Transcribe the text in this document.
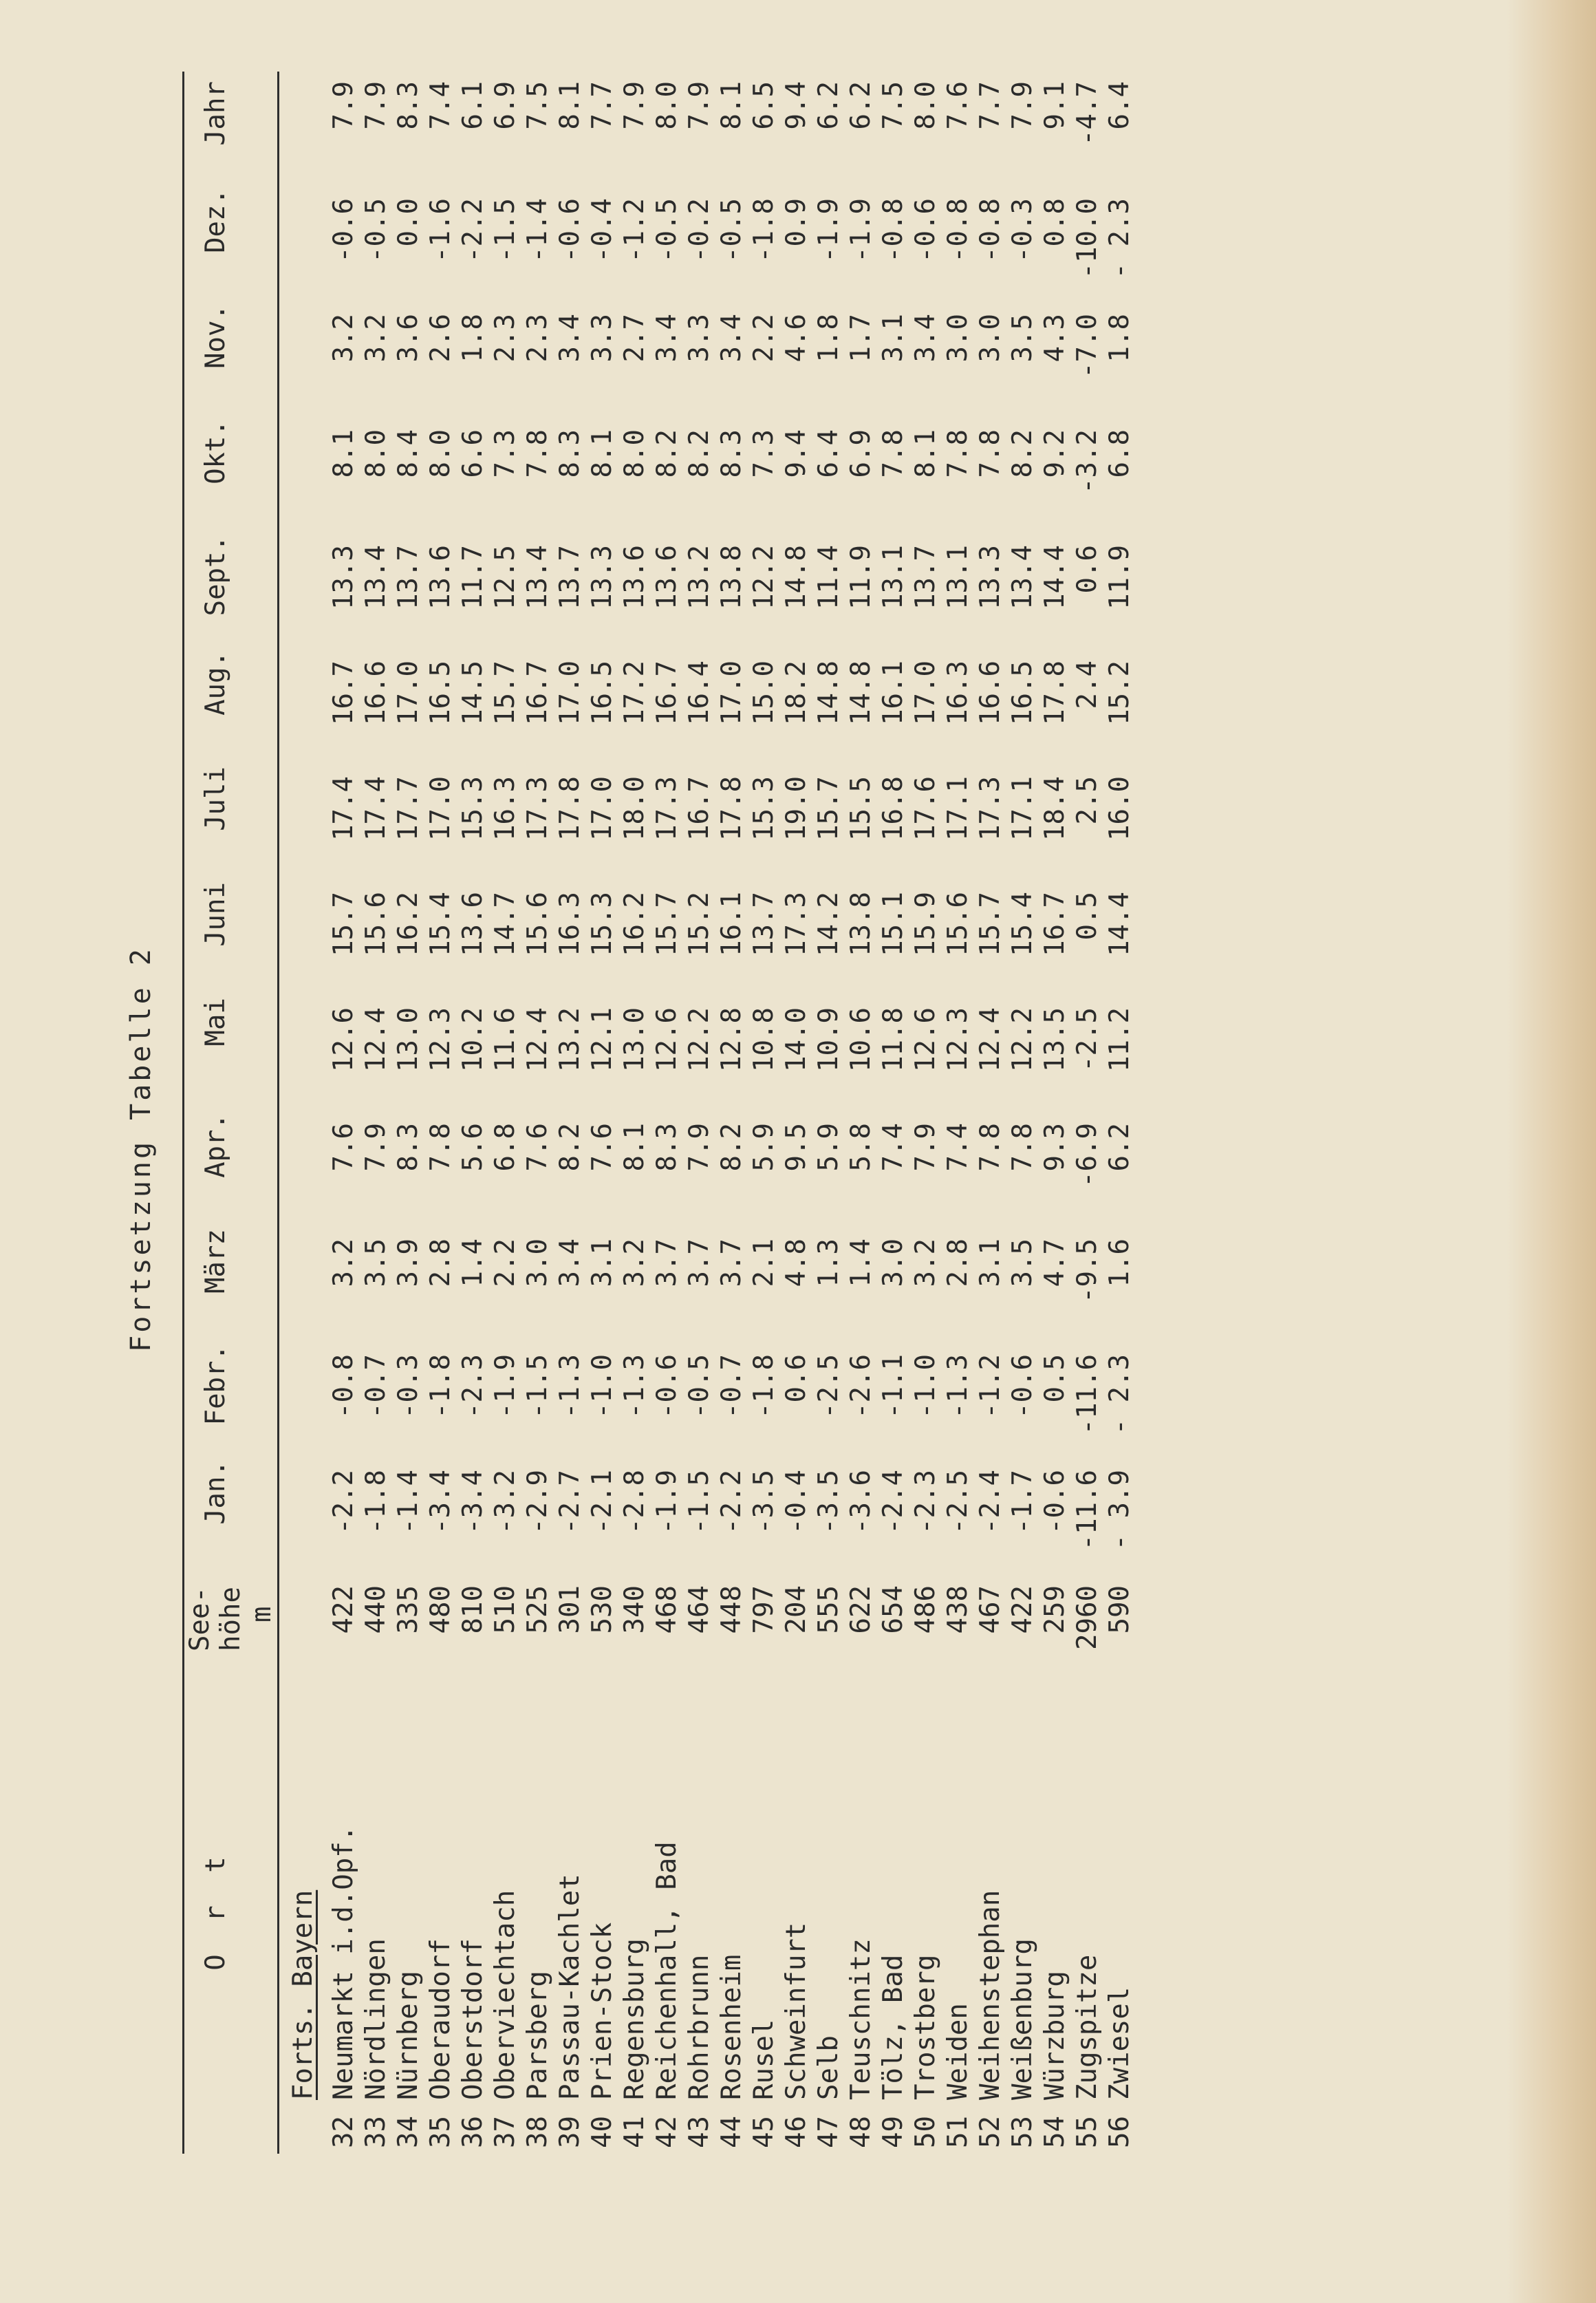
Fortsetzung Tabelle 2
O r t		See- höhe	Jan.	Febr.	März	Apr.	Mai	Juni	Juli	Aug.	Sept.	Okt.	Nov.	Dez.	Jahr
		m													
	Forts. Bayern														
32	Neumarkt i.d.Opf.	422	-2.2	-0.8	3.2	7.6	12.6	15.7	17.4	16.7	13.3	8.1	3.2	-0.6	7.9
33	Nördlingen	440	-1.8	-0.7	3.5	7.9	12.4	15.6	17.4	16.6	13.4	8.0	3.2	-0.5	7.9
34	Nürnberg	335	-1.4	-0.3	3.9	8.3	13.0	16.2	17.7	17.0	13.7	8.4	3.6	0.0	8.3
35	Oberaudorf	480	-3.4	-1.8	2.8	7.8	12.3	15.4	17.0	16.5	13.6	8.0	2.6	-1.6	7.4
36	Oberstdorf	810	-3.4	-2.3	1.4	5.6	10.2	13.6	15.3	14.5	11.7	6.6	1.8	-2.2	6.1
37	Oberviechtach	510	-3.2	-1.9	2.2	6.8	11.6	14.7	16.3	15.7	12.5	7.3	2.3	-1.5	6.9
38	Parsberg	525	-2.9	-1.5	3.0	7.6	12.4	15.6	17.3	16.7	13.4	7.8	2.3	-1.4	7.5
39	Passau-Kachlet	301	-2.7	-1.3	3.4	8.2	13.2	16.3	17.8	17.0	13.7	8.3	3.4	-0.6	8.1
40	Prien-Stock	530	-2.1	-1.0	3.1	7.6	12.1	15.3	17.0	16.5	13.3	8.1	3.3	-0.4	7.7
41	Regensburg	340	-2.8	-1.3	3.2	8.1	13.0	16.2	18.0	17.2	13.6	8.0	2.7	-1.2	7.9
42	Reichenhall, Bad	468	-1.9	-0.6	3.7	8.3	12.6	15.7	17.3	16.7	13.6	8.2	3.4	-0.5	8.0
43	Rohrbrunn	464	-1.5	-0.5	3.7	7.9	12.2	15.2	16.7	16.4	13.2	8.2	3.3	-0.2	7.9
44	Rosenheim	448	-2.2	-0.7	3.7	8.2	12.8	16.1	17.8	17.0	13.8	8.3	3.4	-0.5	8.1
45	Rusel	797	-3.5	-1.8	2.1	5.9	10.8	13.7	15.3	15.0	12.2	7.3	2.2	-1.8	6.5
46	Schweinfurt	204	-0.4	0.6	4.8	9.5	14.0	17.3	19.0	18.2	14.8	9.4	4.6	0.9	9.4
47	Selb	555	-3.5	-2.5	1.3	5.9	10.9	14.2	15.7	14.8	11.4	6.4	1.8	-1.9	6.2
48	Teuschnitz	622	-3.6	-2.6	1.4	5.8	10.6	13.8	15.5	14.8	11.9	6.9	1.7	-1.9	6.2
49	Tölz, Bad	654	-2.4	-1.1	3.0	7.4	11.8	15.1	16.8	16.1	13.1	7.8	3.1	-0.8	7.5
50	Trostberg	486	-2.3	-1.0	3.2	7.9	12.6	15.9	17.6	17.0	13.7	8.1	3.4	-0.6	8.0
51	Weiden	438	-2.5	-1.3	2.8	7.4	12.3	15.6	17.1	16.3	13.1	7.8	3.0	-0.8	7.6
52	Weihenstephan	467	-2.4	-1.2	3.1	7.8	12.4	15.7	17.3	16.6	13.3	7.8	3.0	-0.8	7.7
53	Weißenburg	422	-1.7	-0.6	3.5	7.8	12.2	15.4	17.1	16.5	13.4	8.2	3.5	-0.3	7.9
54	Würzburg	259	-0.6	0.5	4.7	9.3	13.5	16.7	18.4	17.8	14.4	9.2	4.3	0.8	9.1
55	Zugspitze	2960	-11.6	-11.6	-9.5	-6.9	-2.5	0.5	2.5	2.4	0.6	-3.2	-7.0	-10.0	-4.7
56	Zwiesel	590	- 3.9	- 2.3	1.6	6.2	11.2	14.4	16.0	15.2	11.9	6.8	1.8	- 2.3	6.4
